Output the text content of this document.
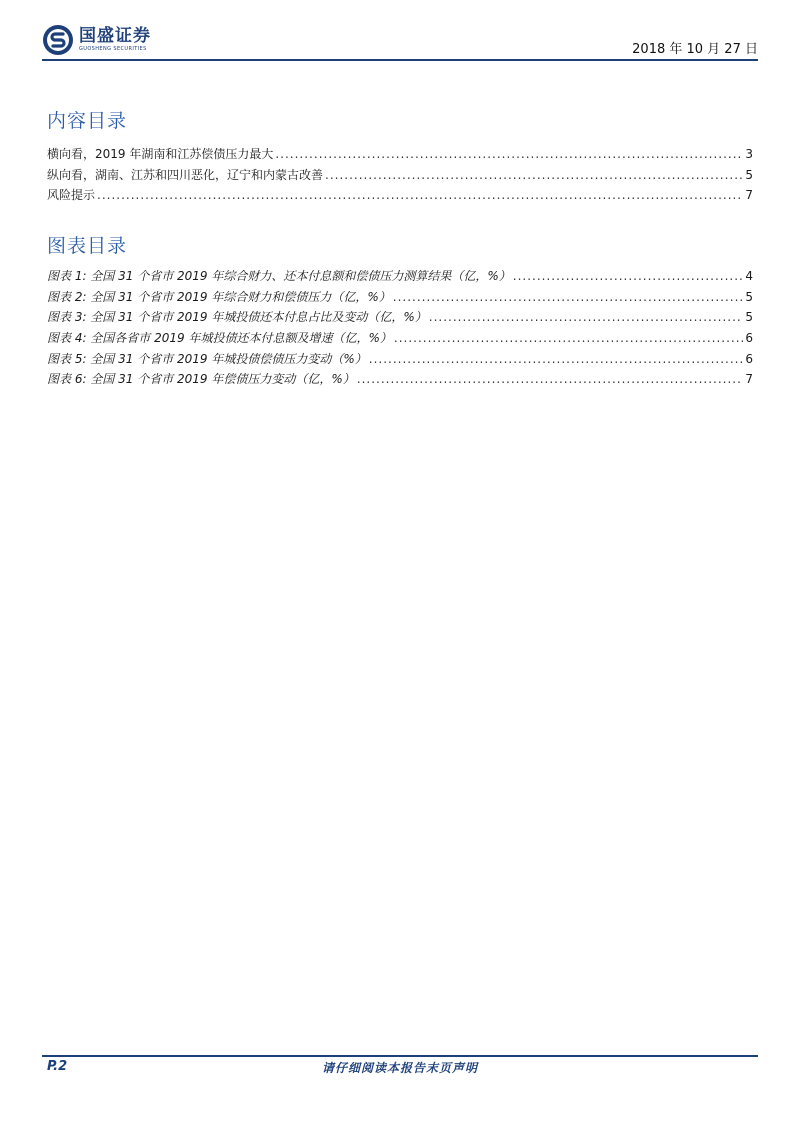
国盛证券
GUOSHENG SECURITIES	2018 年 10 月 27 日
内容目录
横向看，2019 年湖南和江苏偿债压力最大 .....	3
纵向看，湖南、江苏和四川恶化，辽宁和内蒙古改善 .....	5
风险提示 .....	7
图表目录
图表 1: 全国 31 个省市 2019 年综合财力、还本付息额和偿债压力测算结果（亿，%） .....	4
图表 2: 全国 31 个省市 2019 年综合财力和偿债压力（亿，%） .....	5
图表 3: 全国 31 个省市 2019 年城投债还本付息占比及变动（亿，%） .....	5
图表 4: 全国各省市 2019 年城投债还本付息额及增速（亿，%） .....	6
图表 5: 全国 31 个省市 2019 年城投债偿债压力变动（%） .....	6
图表 6: 全国 31 个省市 2019 年偿债压力变动（亿，%） .....	7
请仔细阅读本报告末页声明
P.2
